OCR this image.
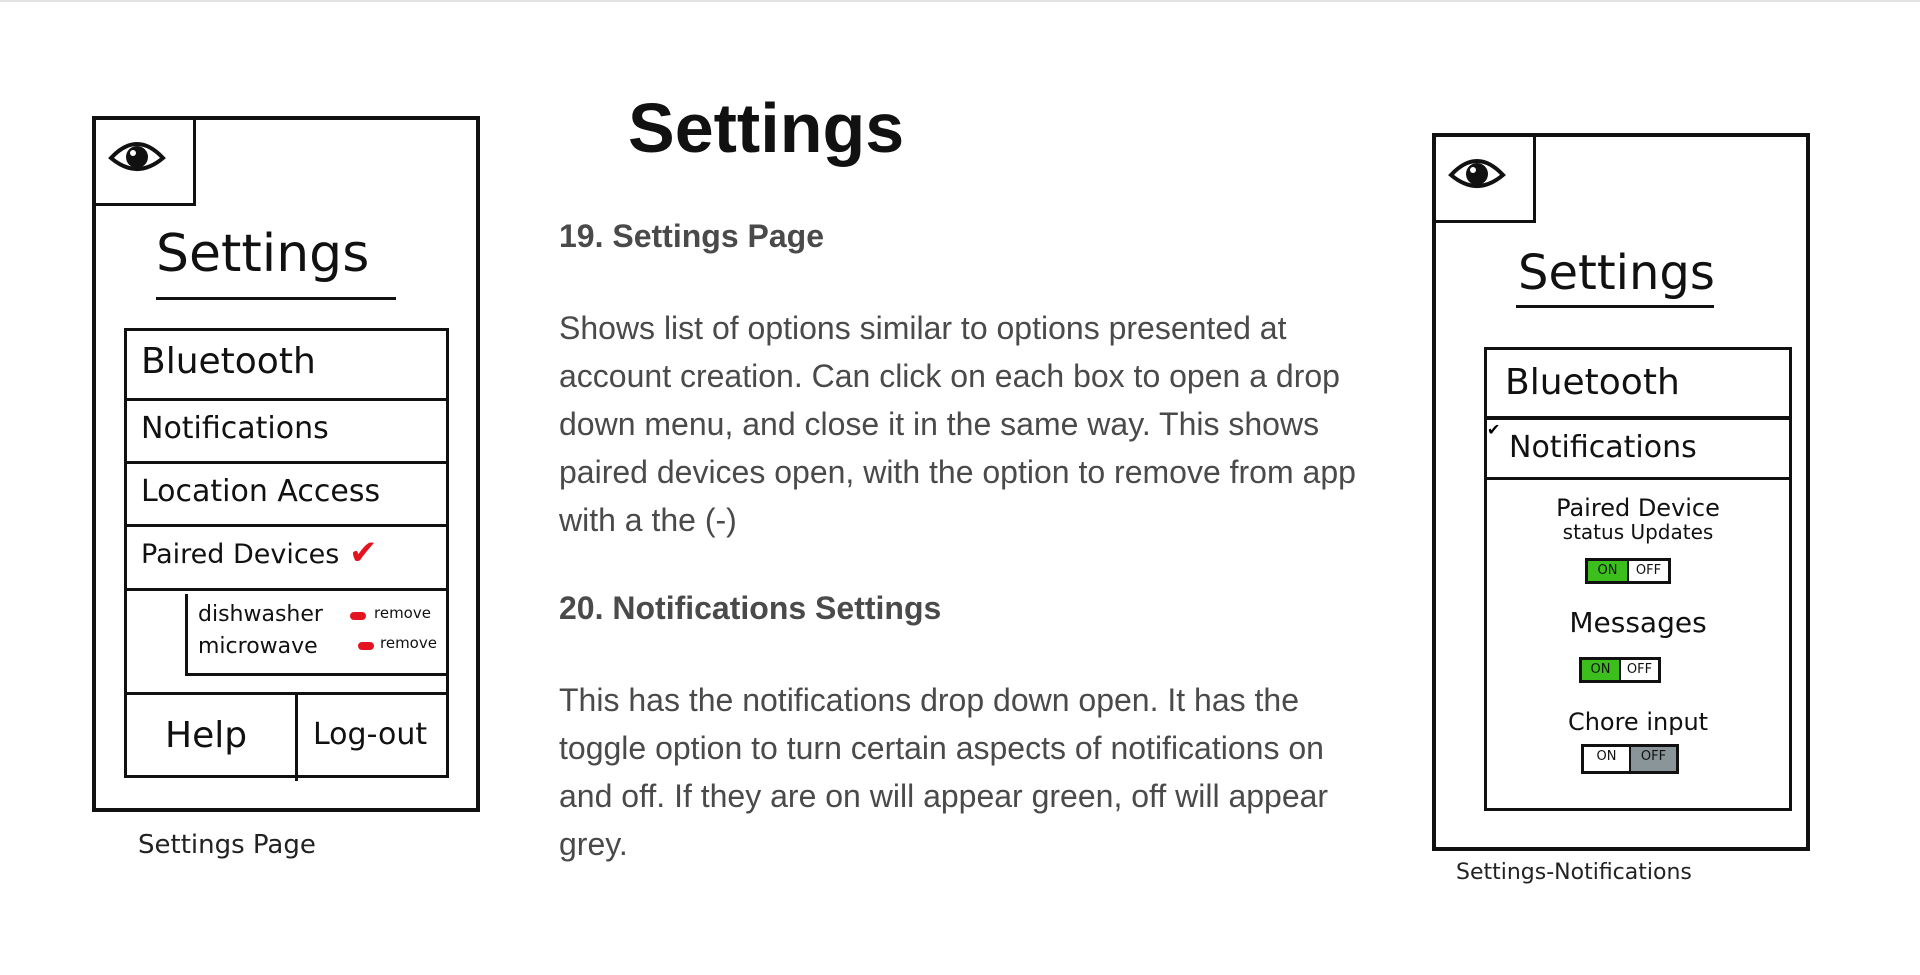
Settings
Bluetooth
Notifications
Location Access
Paired Devices ✔
dishwasher	remove
microwave	remove
Help Log-out
Settings Page
Settings
19. Settings Page
Shows list of options similar to options presented at account creation. Can click on each box to open a drop down menu, and close it in the same way. This shows paired devices open, with the option to remove from app with a the (-)
20. Notifications Settings
This has the notifications drop down open. It has the toggle option to turn certain aspects of notifications on and off. If they are on will appear green, off will appear grey.
Settings
Bluetooth
Notifications
✔
Paired Device
status Updates
ON	OFF
Messages
ON	OFF
Chore input
ON	OFF
Settings-Notifications
